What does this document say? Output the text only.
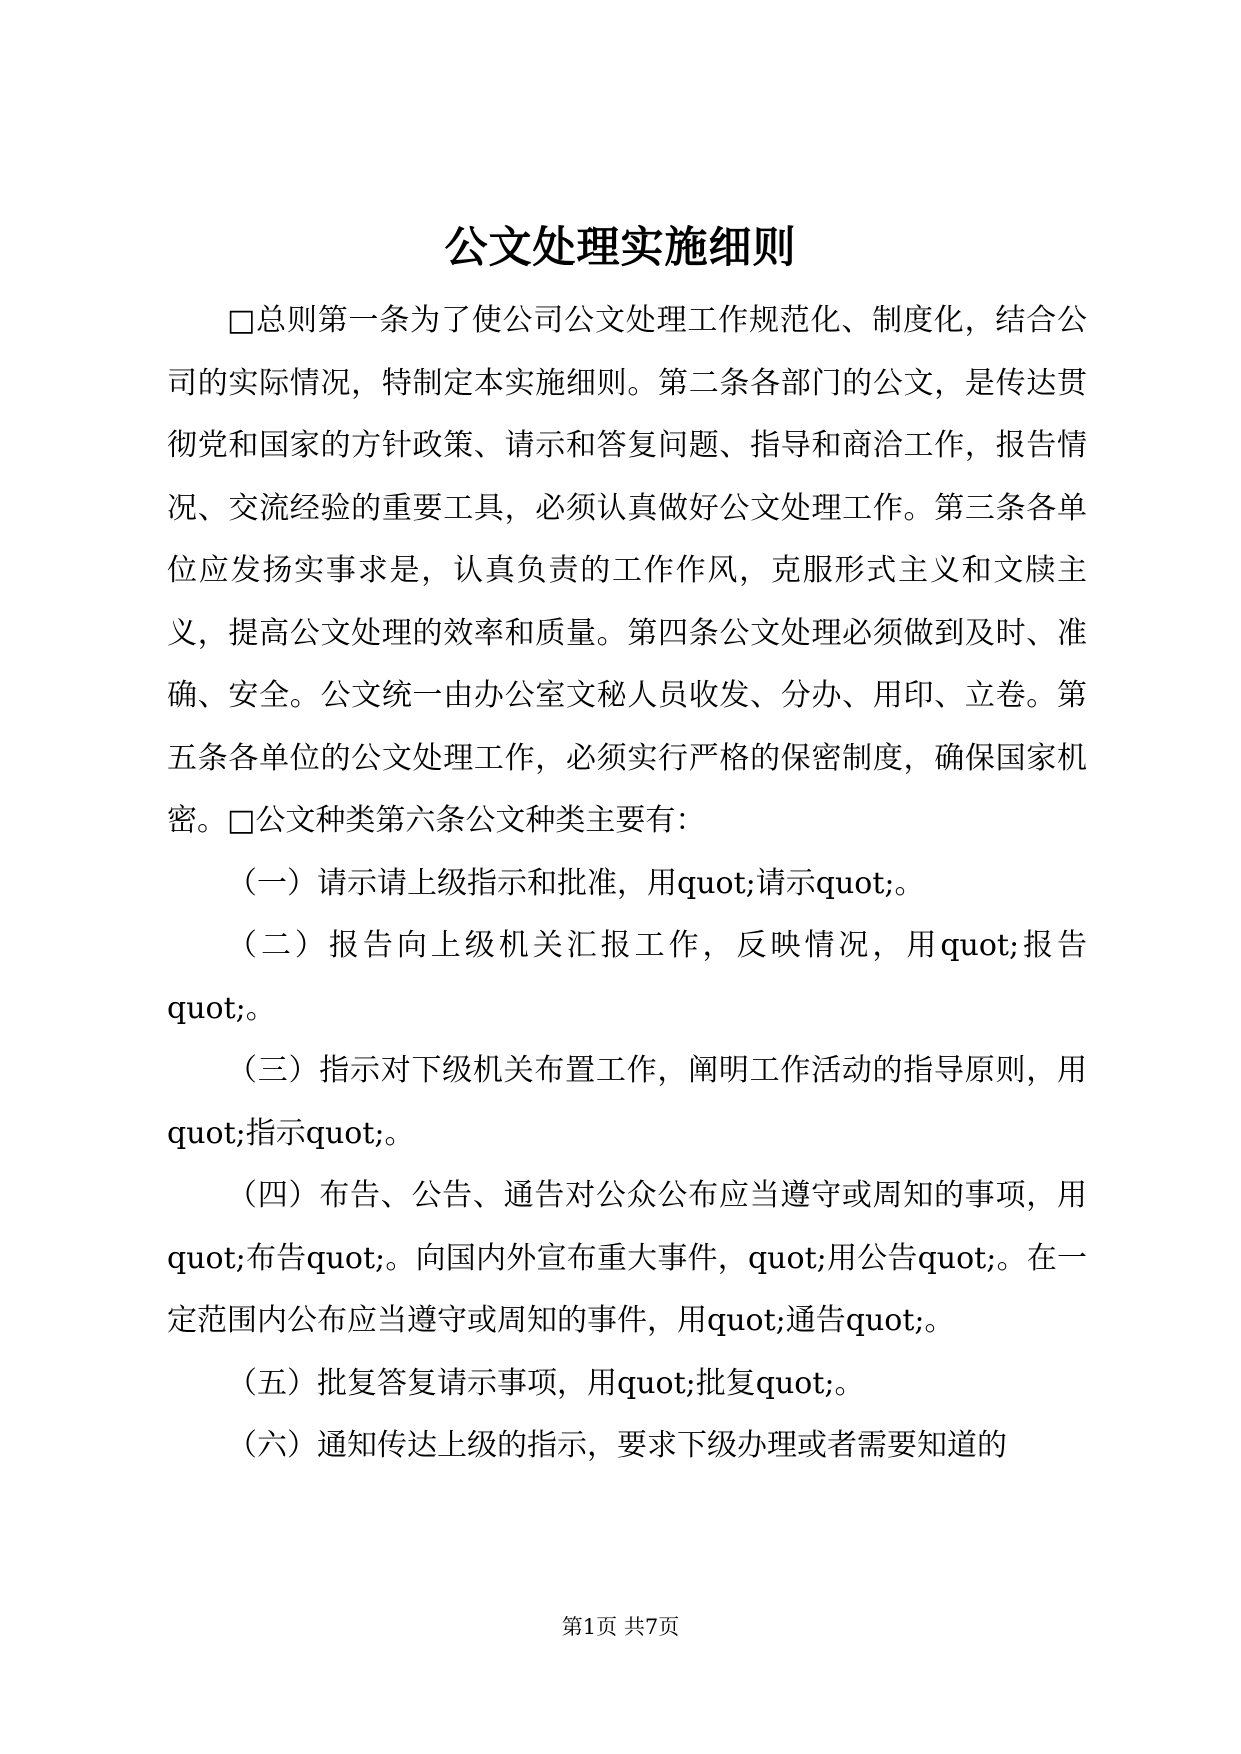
公文处理实施细则

□总则第一条为了使公司公文处理工作规范化、制度化，结合公司的实际情况，特制定本实施细则。第二条各部门的公文，是传达贯彻党和国家的方针政策、请示和答复问题、指导和商洽工作，报告情况、交流经验的重要工具，必须认真做好公文处理工作。第三条各单位应发扬实事求是，认真负责的工作作风，克服形式主义和文牍主义，提高公文处理的效率和质量。第四条公文处理必须做到及时、准确、安全。公文统一由办公室文秘人员收发、分办、用印、立卷。第五条各单位的公文处理工作，必须实行严格的保密制度，确保国家机密。□公文种类第六条公文种类主要有：

（一）请示请上级指示和批准，用quot;请示quot;。

（二）报告向上级机关汇报工作，反映情况，用quot;报告quot;。

（三）指示对下级机关布置工作，阐明工作活动的指导原则，用quot;指示quot;。

（四）布告、公告、通告对公众公布应当遵守或周知的事项，用quot;布告quot;。向国内外宣布重大事件，quot;用公告quot;。在一定范围内公布应当遵守或周知的事件，用quot;通告quot;。

（五）批复答复请示事项，用quot;批复quot;。

（六）通知传达上级的指示，要求下级办理或者需要知道的

第1页 共7页
